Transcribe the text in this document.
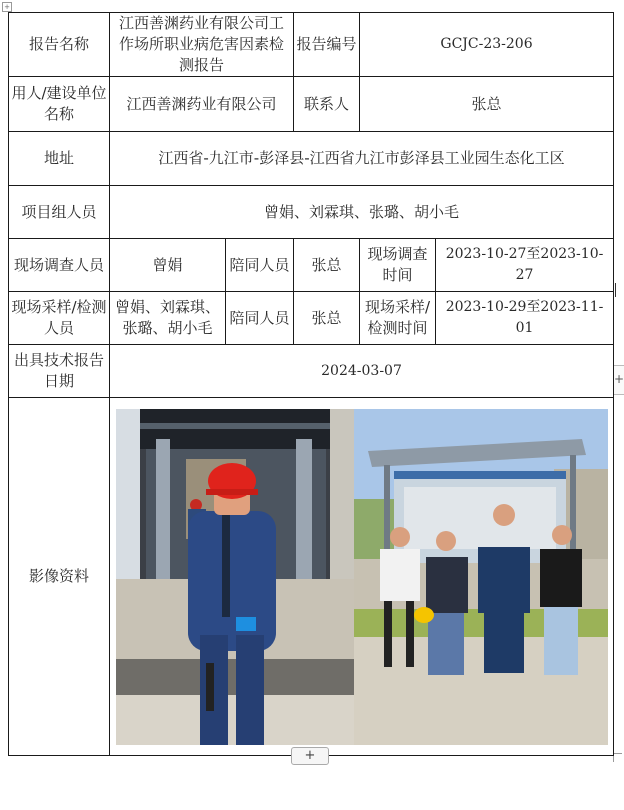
+
+
报告名称	江西善渊药业有限公司工作场所职业病危害因素检测报告		报告编号	GCJC-23-206	
用人/建设单位名称	江西善渊药业有限公司		联系人	张总	
地址	江西省-九江市-彭泽县-江西省九江市彭泽县工业园生态化工区				
项目组人员	曾娟、刘霖琪、张璐、胡小毛				
现场调查人员	曾娟	陪同人员	张总	现场调查时间	2023-10-27至2023-10-27
现场采样/检测人员	曾娟、刘霖琪、张璐、胡小毛	陪同人员	张总	现场采样/检测时间	2023-10-29至2023-11-01
出具技术报告日期	2024-03-07				
影像资料	
+
